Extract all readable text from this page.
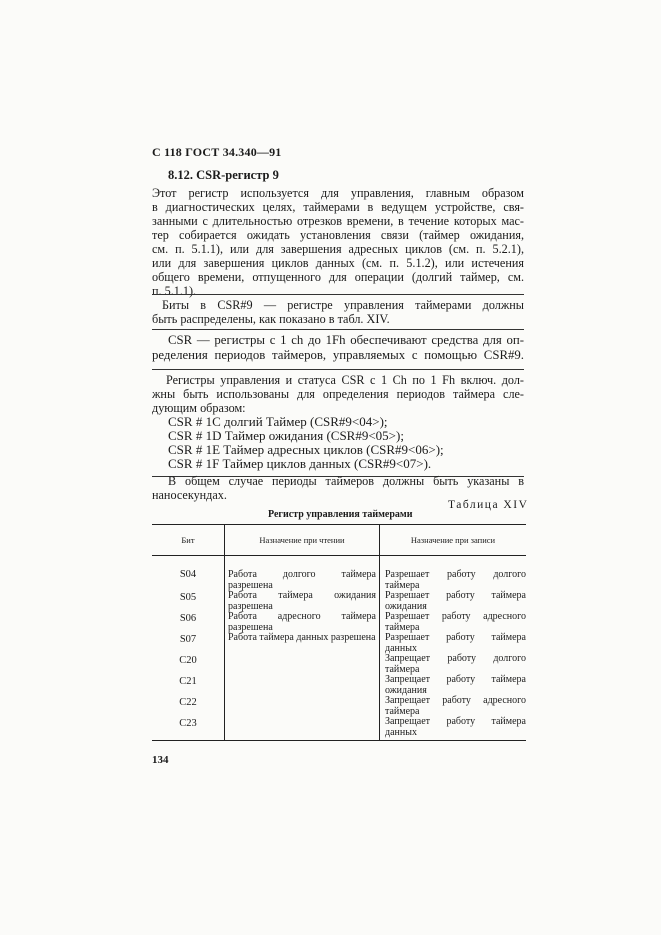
С 118 ГОСТ 34.340—91
8.12. CSR-регистр 9
Этот регистр используется для управления, главным образом
в диагностических целях, таймерами в ведущем устройстве, свя-
занными с длительностью отрезков времени, в течение которых мас-
тер собирается ожидать установления связи (таймер ожидания,
см. п. 5.1.1), или для завершения адресных циклов (см. п. 5.2.1),
или для завершения циклов данных (см. п. 5.1.2), или истечения
общего времени, отпущенного для операции (долгий таймер, см.
п. 5.1.1).
Биты в CSR#9 — регистре управления таймерами должны
быть распределены, как показано в табл. XIV.
CSR — регистры с 1 ch до 1Fh обеспечивают средства для оп-
ределения периодов таймеров, управляемых с помощью CSR#9.
Регистры управления и статуса CSR с 1 Ch по 1 Fh включ. дол-
жны быть использованы для определения периодов таймера сле-
дующим образом:
CSR # 1C долгий Таймер (CSR#9<04>);
CSR # 1D Таймер ожидания (CSR#9<05>);
CSR # 1E Таймер адресных циклов (CSR#9<06>);
CSR # 1F Таймер циклов данных (CSR#9<07>).
В общем случае периоды таймеров должны быть указаны в
наносекундах.
Таблица XIV
Регистр управления таймерами
Бит	Назначение при чтении	Назначение при записи
S04	Работа долгого таймера разрешена	Разрешает работу долгого таймера
S05	Работа таймера ожидания разрешена	Разрешает работу таймера ожидания
S06	Работа адресного таймера разрешена	Разрешает работу адресного таймера
S07	Работа таймера данных разрешена	Разрешает работу таймера данных
C20		Запрещает работу долгого таймера
C21		Запрещает работу таймера ожидания
C22		Запрещает работу адресного таймера
C23		Запрещает работу таймера данных
134
